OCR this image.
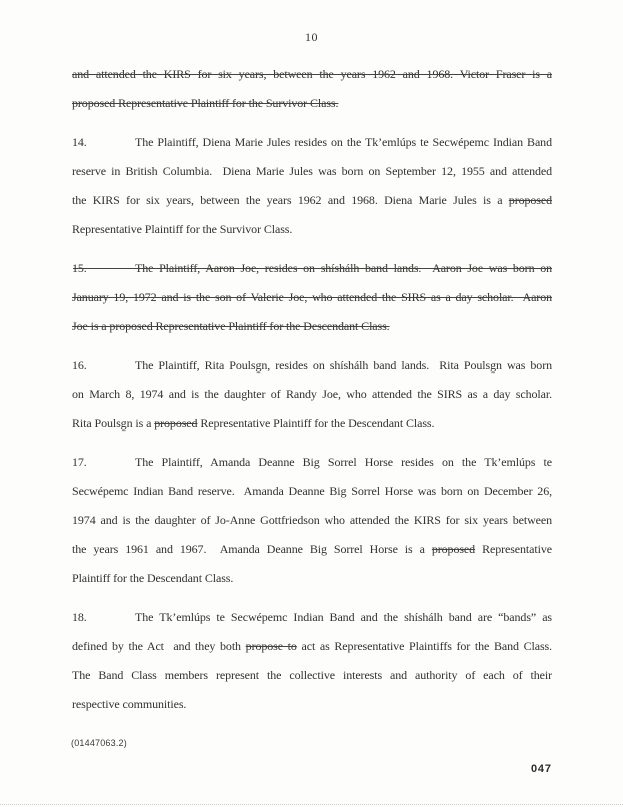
10
and attended the KIRS for six years, between the years 1962 and 1968. Victor Fraser is a
proposed Representative Plaintiff for the Survivor Class.
14.	The Plaintiff, Diena Marie Jules resides on the Tk’emlúps te Secwépemc Indian Band
reserve in British Columbia.  Diena Marie Jules was born on September 12, 1955 and attended
the KIRS for six years, between the years 1962 and 1968. Diena Marie Jules is a proposed
Representative Plaintiff for the Survivor Class.
15.	The Plaintiff, Aaron Joe, resides on shíshálh band lands.  Aaron Joe was born on
January 19, 1972 and is the son of Valerie Joe, who attended the SIRS as a day scholar.  Aaron
Joe is a proposed Representative Plaintiff for the Descendant Class.
16.	The Plaintiff, Rita Poulsg̱n, resides on shíshálh band lands.  Rita Poulsg̱n was born
on March 8, 1974 and is the daughter of Randy Joe, who attended the SIRS as a day scholar.
Rita Poulsg̱n is a proposed Representative Plaintiff for the Descendant Class.
17.	The Plaintiff, Amanda Deanne Big Sorrel Horse resides on the Tk’emlúps te
Secwépemc Indian Band reserve.  Amanda Deanne Big Sorrel Horse was born on December 26,
1974 and is the daughter of Jo-Anne Gottfriedson who attended the KIRS for six years between
the years 1961 and 1967.  Amanda Deanne Big Sorrel Horse is a proposed Representative
Plaintiff for the Descendant Class.
18.	The Tk’emlúps te Secwépemc Indian Band and the shíshálh band are “bands” as
defined by the Act  and they both propose to act as Representative Plaintiffs for the Band Class.
The Band Class members represent the collective interests and authority of each of their
respective communities.
(01447063.2)
047
